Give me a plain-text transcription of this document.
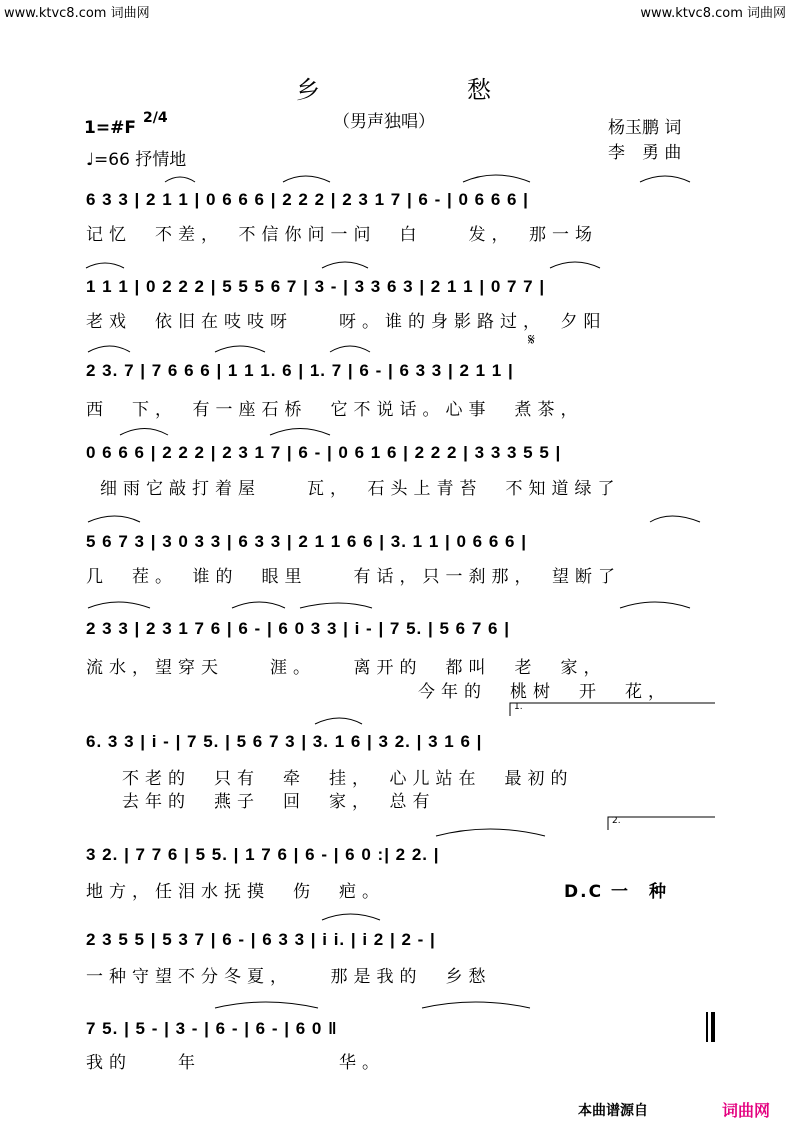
www.ktvc8.com 词曲网	www.ktvc8.com 词曲网
乡	愁
（男声独唱）
1=#F 2/4
♩=66 抒情地
杨玉鹏 词
李　勇 曲
6 3 3 | 2 1 1 | 0 6 6 6 | 2 2 2 | 2 3 1 7 | 6 - | 0 6 6 6 |
记忆　不差，　不信你问一问　白　　发，　那一场
1 1 1 | 0 2 2 2 | 5 5 5 6 7 | 3 - | 3 3 6 3 | 2 1 1 | 0 7 7 |
老戏　依旧在吱吱呀　　呀。谁的身影路过，　夕阳
𝄋
2 3. 7 | 7 6 6 6 | 1 1 1. 6 | 1. 7 | 6 - | 6 3 3 | 2 1 1 |
西　下，　有一座石桥　它不说话。心事　煮茶，
0 6 6 6 | 2 2 2 | 2 3 1 7 | 6 - | 0 6 1 6 | 2 2 2 | 3 3 3 5 5 |
细雨它敲打着屋　　瓦，　石头上青苔　不知道绿了
5 6 7 3 | 3 0 3 3 | 6 3 3 | 2 1 1 6 6 | 3. 1 1 | 0 6 6 6 |
几　茬。　谁的　眼里　　有话，只一刹那，　望断了
2 3 3 | 2 3 1 7 6 | 6 - | 6 0 3 3 | i - | 7 5. | 5 6 7 6 |
流水，望穿天　　涯。　　离开的　都叫　老　家，
今年的　桃树　开　花，
1.
6. 3 3 | i - | 7 5. | 5 6 7 3 | 3. 1 6 | 3 2. | 3 1 6 |
不老的　只有　牵　挂，　心儿站在　最初的
去年的　燕子　回　家，　总有
2.
3 2. | 7 7 6 | 5 5. | 1 7 6 | 6 - | 6 0 :| 2 2. |
地方，任泪水抚摸　伤　疤。	D.C 一　种
2 3 5 5 | 5 3 7 | 6 - | 6 3 3 | i i. | i 2 | 2 - |
一种守望不分冬夏，　　那是我的　乡愁
7 5. | 5 - | 3 - | 6 - | 6 - | 6 0 ‖
我的　　年　　　　　　华。
本曲谱源自	词曲网
